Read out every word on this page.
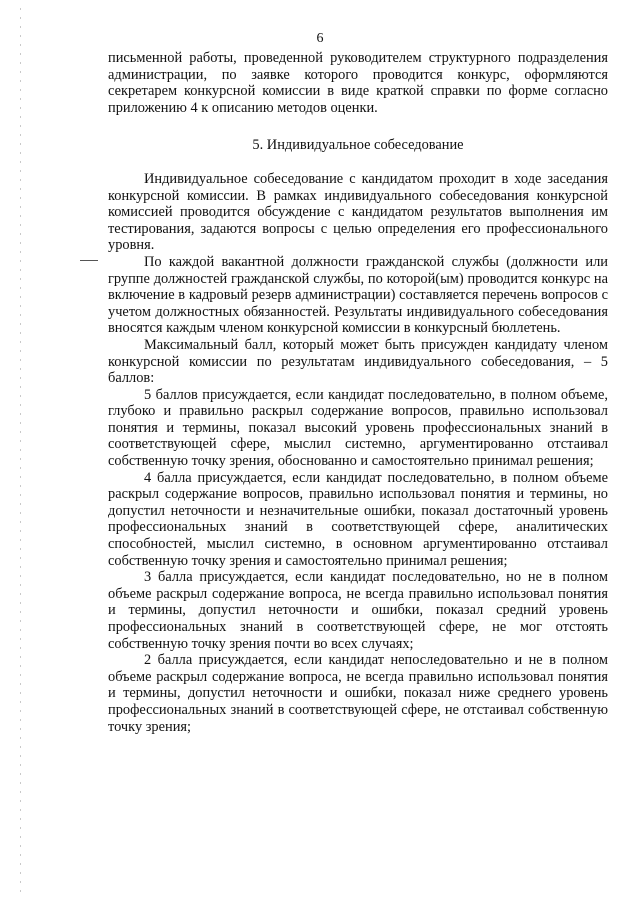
6

письменной работы, проведенной руководителем структурного подразделения администрации, по заявке которого проводится конкурс, оформляются секретарем конкурсной комиссии в виде краткой справки по форме согласно приложению 4 к описанию методов оценки.

5. Индивидуальное собеседование

Индивидуальное собеседование с кандидатом проходит в ходе заседания конкурсной комиссии. В рамках индивидуального собеседования конкурсной комиссией проводится обсуждение с кандидатом результатов выполнения им тестирования, задаются вопросы с целью определения его профессионального уровня.

По каждой вакантной должности гражданской службы (должности или группе должностей гражданской службы, по которой(ым) проводится конкурс на включение в кадровый резерв администрации) составляется перечень вопросов с учетом должностных обязанностей. Результаты индивидуального собеседования вносятся каждым членом конкурсной комиссии в конкурсный бюллетень.

Максимальный балл, который может быть присужден кандидату членом конкурсной комиссии по результатам индивидуального собеседования, – 5 баллов:

5 баллов присуждается, если кандидат последовательно, в полном объеме, глубоко и правильно раскрыл содержание вопросов, правильно использовал понятия и термины, показал высокий уровень профессиональных знаний в соответствующей сфере, мыслил системно, аргументированно отстаивал собственную точку зрения, обоснованно и самостоятельно принимал решения;

4 балла присуждается, если кандидат последовательно, в полном объеме раскрыл содержание вопросов, правильно использовал понятия и термины, но допустил неточности и незначительные ошибки, показал достаточный уровень профессиональных знаний в соответствующей сфере, аналитических способностей, мыслил системно, в основном аргументированно отстаивал собственную точку зрения и самостоятельно принимал решения;

3 балла присуждается, если кандидат последовательно, но не в полном объеме раскрыл содержание вопроса, не всегда правильно использовал понятия и термины, допустил неточности и ошибки, показал средний уровень профессиональных знаний в соответствующей сфере, не мог отстоять собственную точку зрения почти во всех случаях;

2 балла присуждается, если кандидат непоследовательно и не в полном объеме раскрыл содержание вопроса, не всегда правильно использовал понятия и термины, допустил неточности и ошибки, показал ниже среднего уровень профессиональных знаний в соответствующей сфере, не отстаивал собственную точку зрения;
